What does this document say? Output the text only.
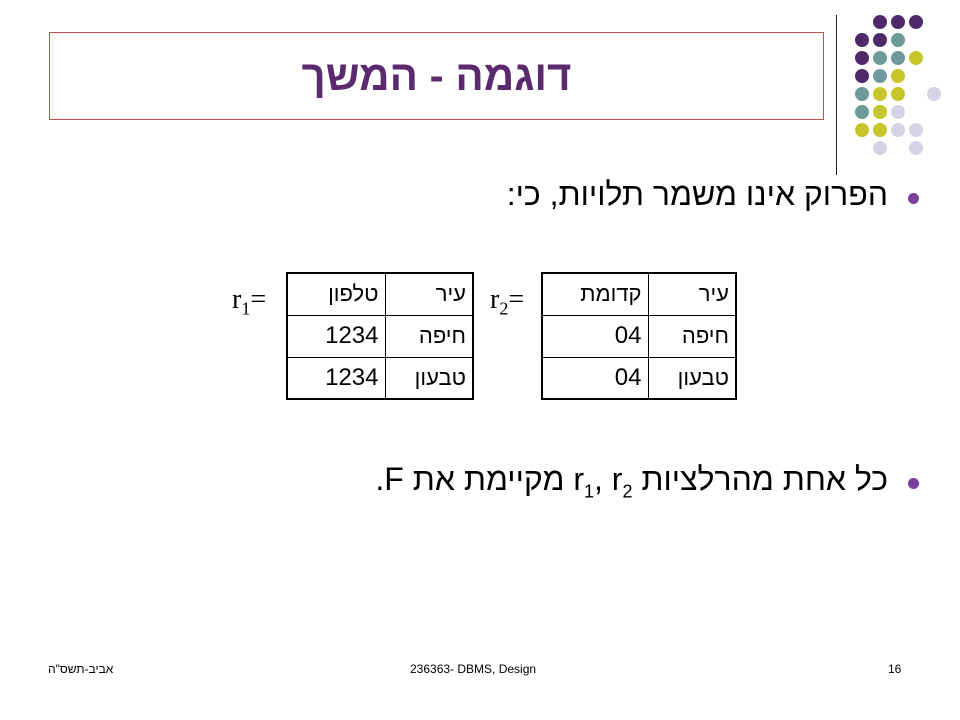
דוגמה - המשך
הפרוק אינו משמר תלויות, כי:
$r_2=$	עיר	קדומת
חיפה	04
טבעון	04
$r_1=$	עיר	טלפון
חיפה	1234
טבעון	1234
כל אחת מהרלציות $r_1$, $r_2$ מקיימת את F.
אביב-תשס"ה	236363- DBMS, Design	16
